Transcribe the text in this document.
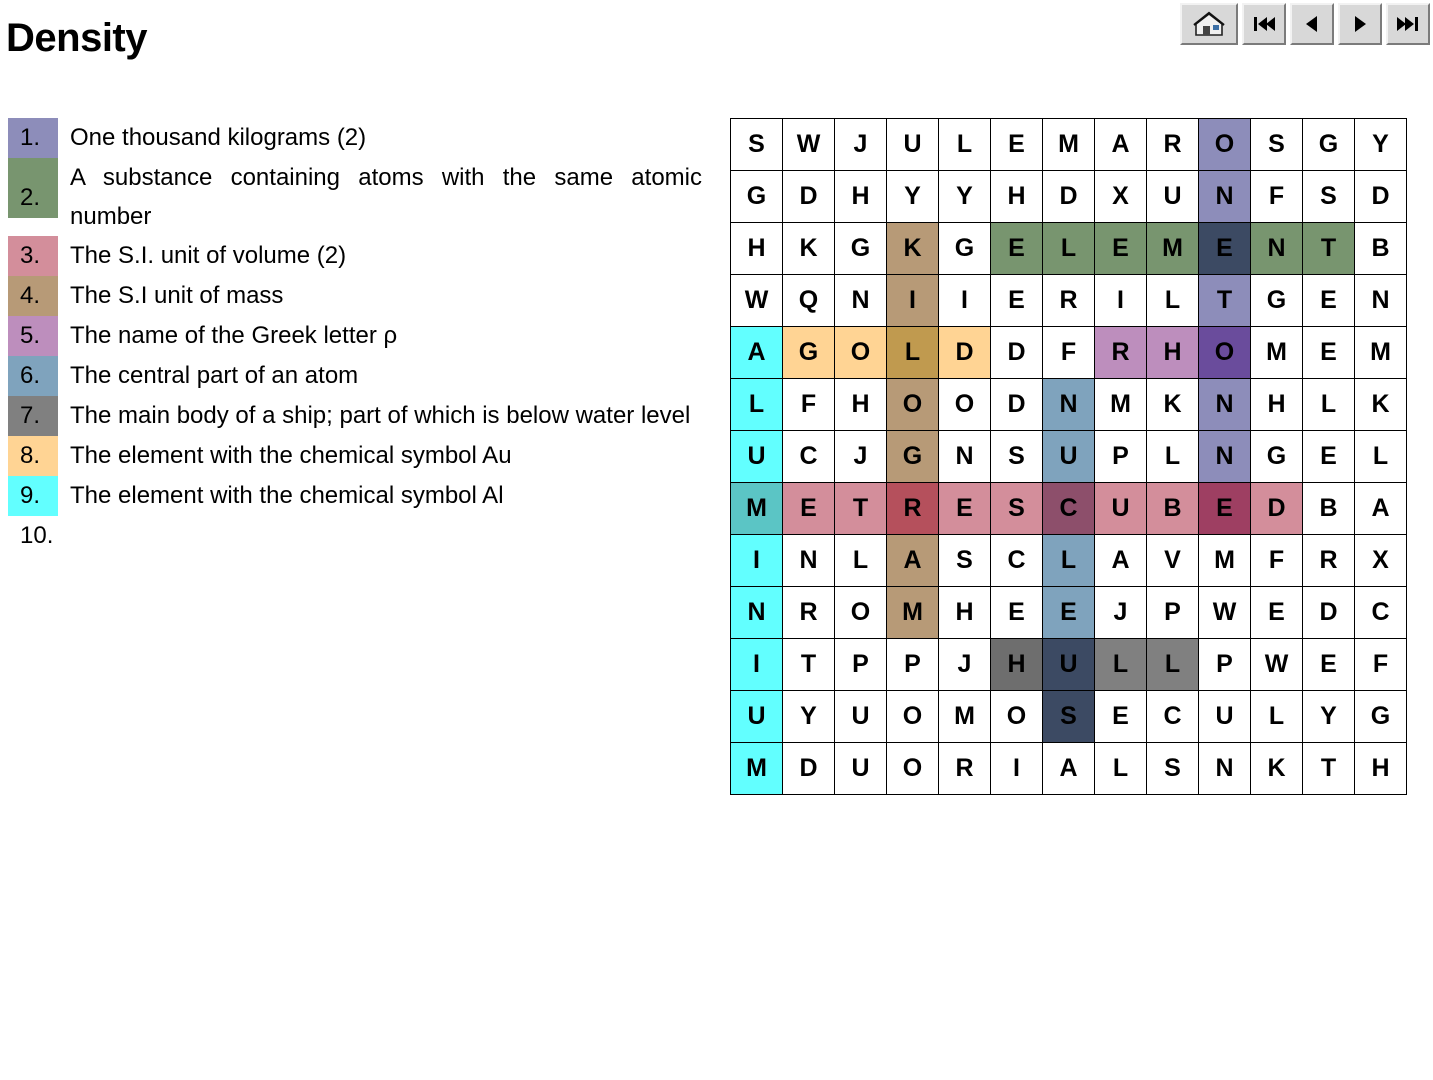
Density
1.	One thousand kilograms (2)
2.
A substance containing atoms with the same atomic number
3.	The S.I. unit of volume (2)
4.	The S.I unit of mass
5.	The name of the Greek letter ρ
6.	The central part of an atom
7.	The main body of a ship; part of which is below water level
8.	The element with the chemical symbol Au
9.	The element with the chemical symbol Al
10.
S	W	J	U	L	E	M	A	R	O	S	G	Y
G	D	H	Y	Y	H	D	X	U	N	F	S	D
H	K	G	K	G	E	L	E	M	E	N	T	B
W	Q	N	I	I	E	R	I	L	T	G	E	N
A	G	O	L	D	D	F	R	H	O	M	E	M
L	F	H	O	O	D	N	M	K	N	H	L	K
U	C	J	G	N	S	U	P	L	N	G	E	L
M	E	T	R	E	S	C	U	B	E	D	B	A
I	N	L	A	S	C	L	A	V	M	F	R	X
N	R	O	M	H	E	E	J	P	W	E	D	C
I	T	P	P	J	H	U	L	L	P	W	E	F
U	Y	U	O	M	O	S	E	C	U	L	Y	G
M	D	U	O	R	I	A	L	S	N	K	T	H
